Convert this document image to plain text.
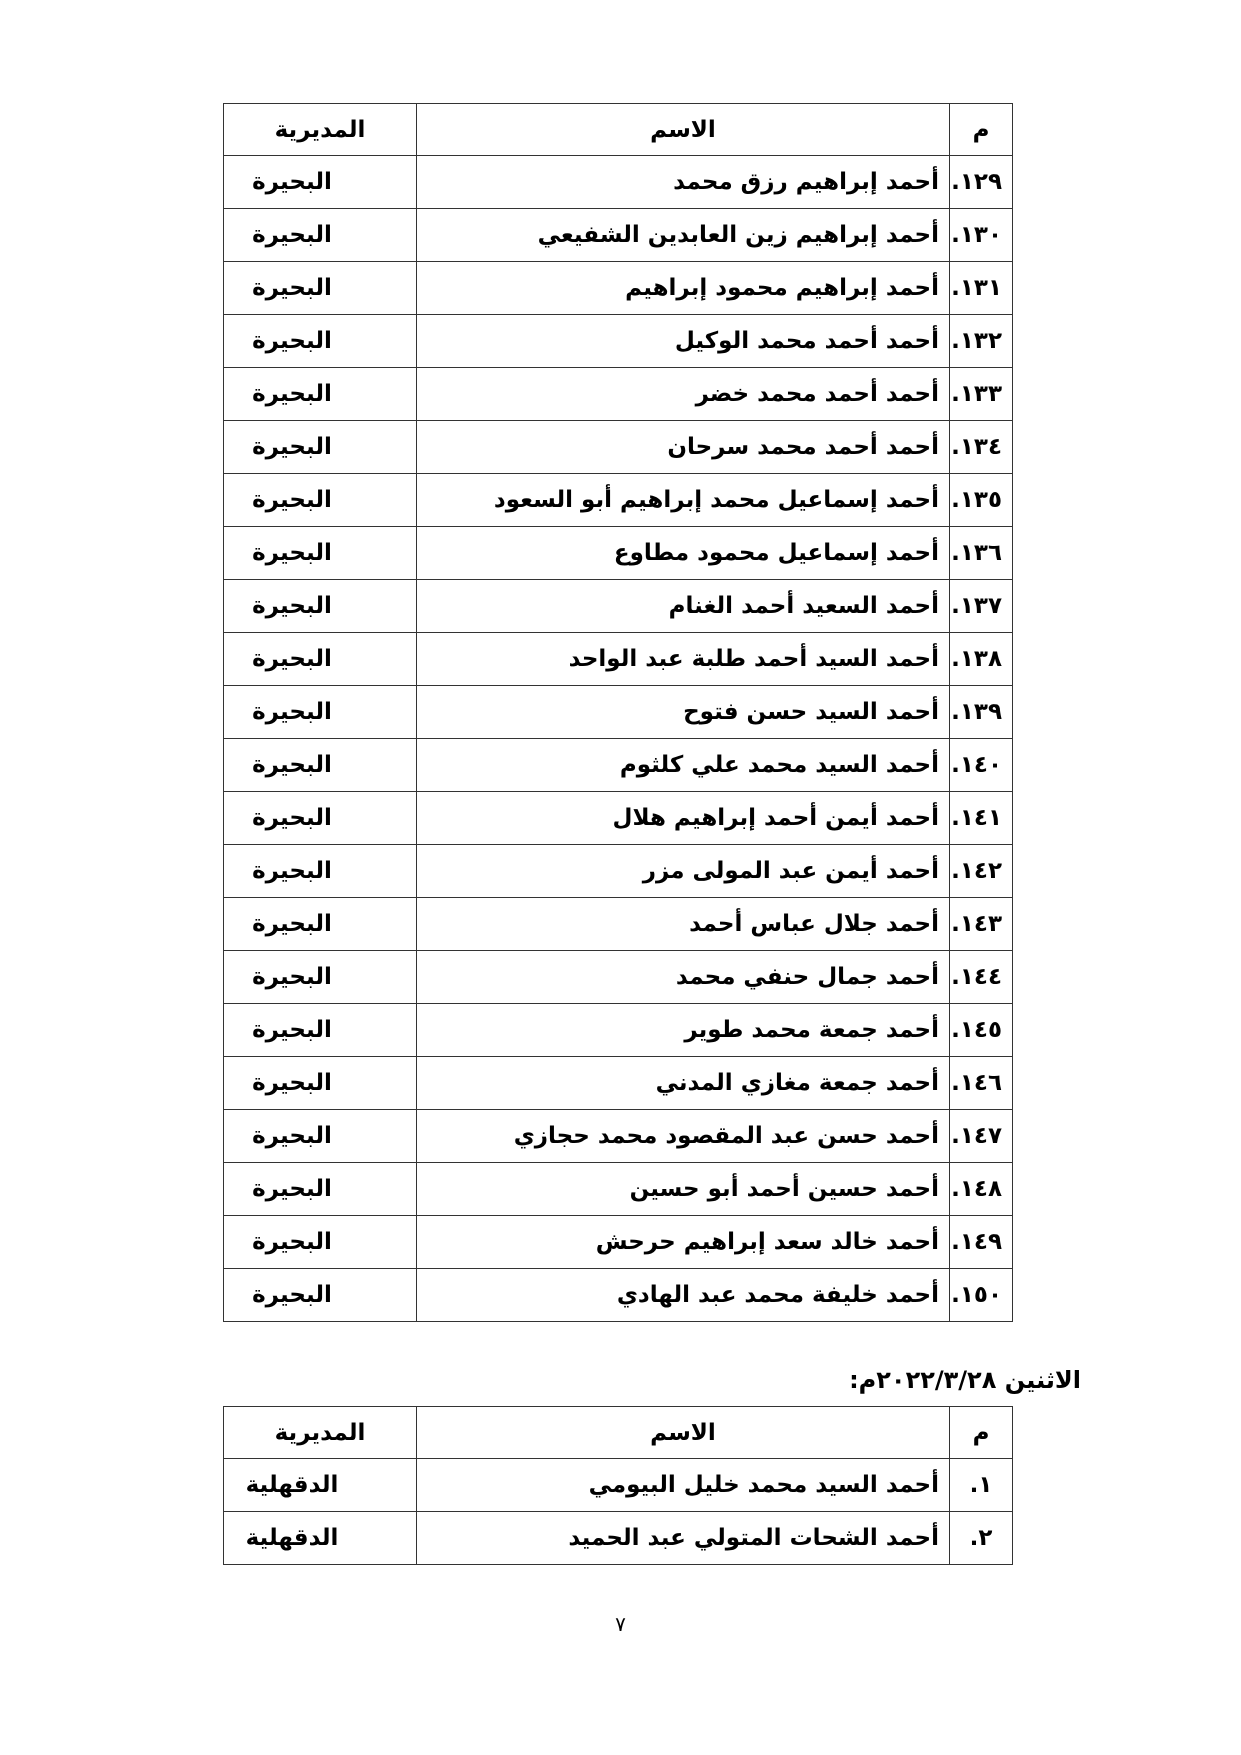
م	الاسم	المديرية
١٢٩.	أحمد إبراهيم رزق محمد	البحيرة
١٣٠.	أحمد إبراهيم زين العابدين الشفيعي	البحيرة
١٣١.	أحمد إبراهيم محمود إبراهيم	البحيرة
١٣٢.	أحمد أحمد محمد الوكيل	البحيرة
١٣٣.	أحمد أحمد محمد خضر	البحيرة
١٣٤.	أحمد أحمد محمد سرحان	البحيرة
١٣٥.	أحمد إسماعيل محمد إبراهيم أبو السعود	البحيرة
١٣٦.	أحمد إسماعيل محمود مطاوع	البحيرة
١٣٧.	أحمد السعيد أحمد الغنام	البحيرة
١٣٨.	أحمد السيد أحمد طلبة عبد الواحد	البحيرة
١٣٩.	أحمد السيد حسن فتوح	البحيرة
١٤٠.	أحمد السيد محمد علي كلثوم	البحيرة
١٤١.	أحمد أيمن أحمد إبراهيم هلال	البحيرة
١٤٢.	أحمد أيمن عبد المولى مزر	البحيرة
١٤٣.	أحمد جلال عباس أحمد	البحيرة
١٤٤.	أحمد جمال حنفي محمد	البحيرة
١٤٥.	أحمد جمعة محمد طوير	البحيرة
١٤٦.	أحمد جمعة مغازي المدني	البحيرة
١٤٧.	أحمد حسن عبد المقصود محمد حجازي	البحيرة
١٤٨.	أحمد حسين أحمد أبو حسين	البحيرة
١٤٩.	أحمد خالد سعد إبراهيم حرحش	البحيرة
١٥٠.	أحمد خليفة محمد عبد الهادي	البحيرة
الاثنين ٢٠٢٢/٣/٢٨م:
م	الاسم	المديرية
١.	أحمد السيد محمد خليل البيومي	الدقهلية
٢.	أحمد الشحات المتولي عبد الحميد	الدقهلية
٧
